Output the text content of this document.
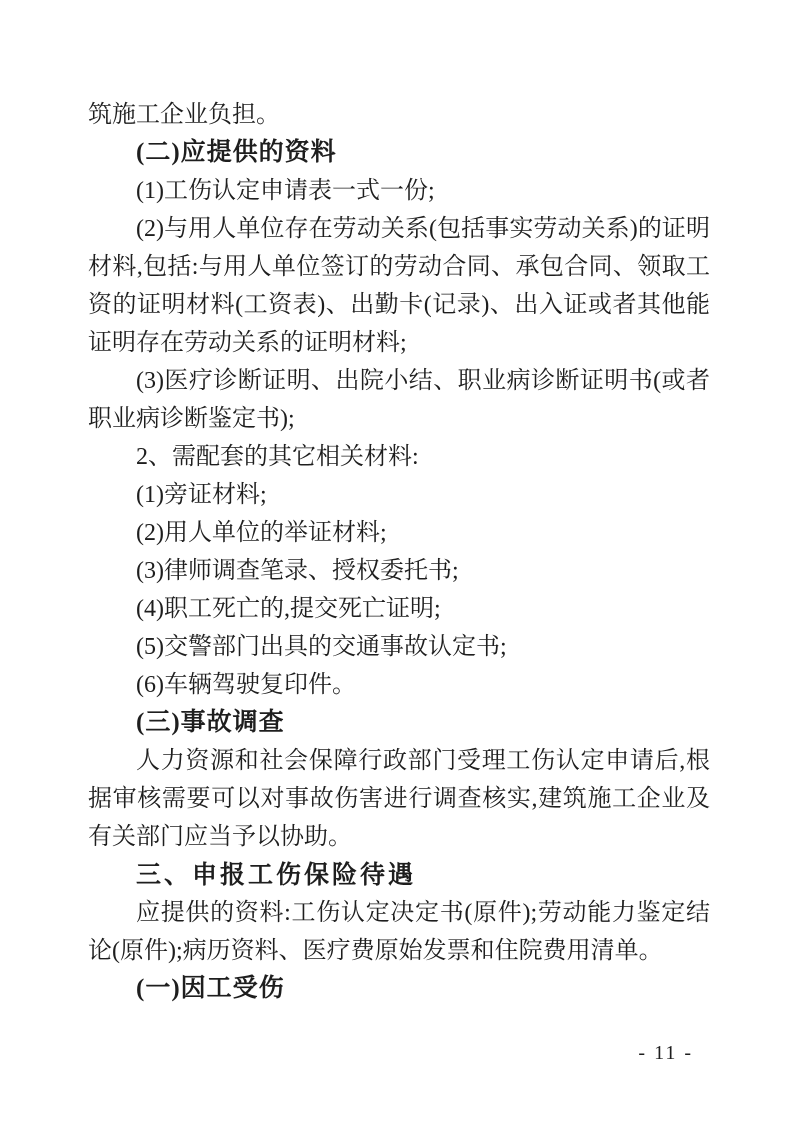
筑施工企业负担。

(二)应提供的资料

(1)工伤认定申请表一式一份;

(2)与用人单位存在劳动关系(包括事实劳动关系)的证明材料,包括:与用人单位签订的劳动合同、承包合同、领取工资的证明材料(工资表)、出勤卡(记录)、出入证或者其他能证明存在劳动关系的证明材料;

(3)医疗诊断证明、出院小结、职业病诊断证明书(或者职业病诊断鉴定书);

2、需配套的其它相关材料:

(1)旁证材料;

(2)用人单位的举证材料;

(3)律师调查笔录、授权委托书;

(4)职工死亡的,提交死亡证明;

(5)交警部门出具的交通事故认定书;

(6)车辆驾驶复印件。

(三)事故调查

人力资源和社会保障行政部门受理工伤认定申请后,根据审核需要可以对事故伤害进行调查核实,建筑施工企业及有关部门应当予以协助。

三、申报工伤保险待遇

应提供的资料:工伤认定决定书(原件);劳动能力鉴定结论(原件);病历资料、医疗费原始发票和住院费用清单。

(一)因工受伤

- 11 -
